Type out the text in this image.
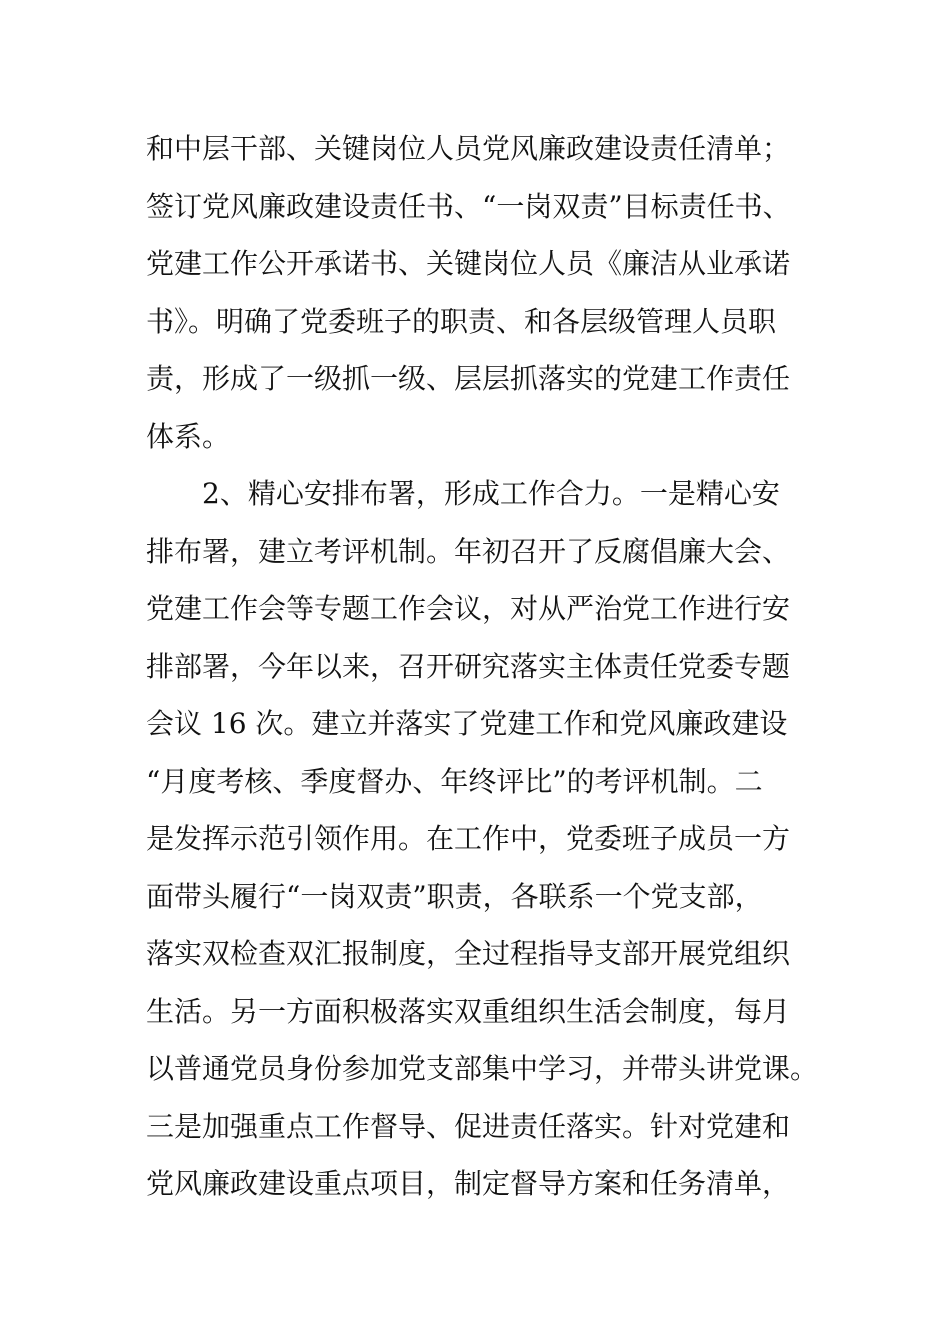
和中层干部、关键岗位人员党风廉政建设责任清单；
签订党风廉政建设责任书、“一岗双责”目标责任书、
党建工作公开承诺书、关键岗位人员《廉洁从业承诺
书》。明确了党委班子的职责、和各层级管理人员职
责，形成了一级抓一级、层层抓落实的党建工作责任
体系。
　　2、精心安排布署，形成工作合力。一是精心安
排布署，建立考评机制。年初召开了反腐倡廉大会、
党建工作会等专题工作会议，对从严治党工作进行安
排部署，今年以来，召开研究落实主体责任党委专题
会议 16 次。建立并落实了党建工作和党风廉政建设
“月度考核、季度督办、年终评比”的考评机制。二
是发挥示范引领作用。在工作中，党委班子成员一方
面带头履行“一岗双责”职责，各联系一个党支部，
落实双检查双汇报制度，全过程指导支部开展党组织
生活。另一方面积极落实双重组织生活会制度，每月
以普通党员身份参加党支部集中学习，并带头讲党课。
三是加强重点工作督导、促进责任落实。针对党建和
党风廉政建设重点项目，制定督导方案和任务清单，
